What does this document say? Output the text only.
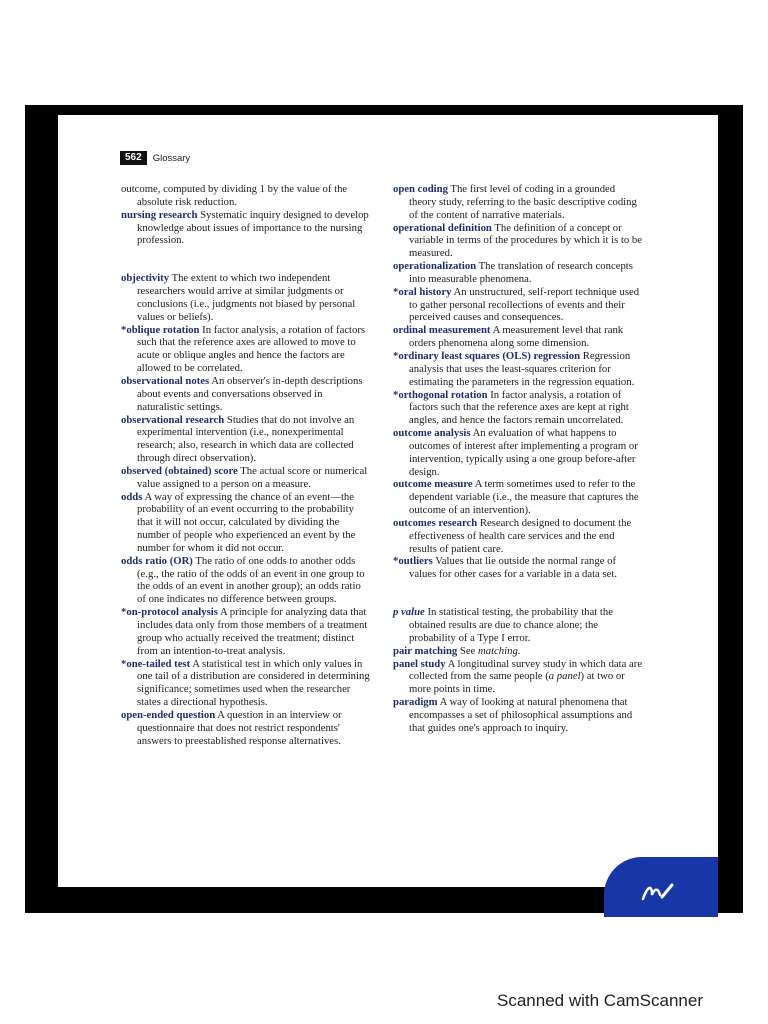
562	Glossary

outcome, computed by dividing 1 by the value of the absolute risk reduction.

nursing research Systematic inquiry designed to develop knowledge about issues of importance to the nursing profession.

objectivity The extent to which two independent researchers would arrive at similar judgments or conclusions (i.e., judgments not biased by personal values or beliefs).

*oblique rotation In factor analysis, a rotation of factors such that the reference axes are allowed to move to acute or oblique angles and hence the factors are allowed to be correlated.

observational notes An observer's in-depth descriptions about events and conversations observed in naturalistic settings.

observational research Studies that do not involve an experimental intervention (i.e., nonexperimental research; also, research in which data are collected through direct observation).

observed (obtained) score The actual score or numerical value assigned to a person on a measure.

odds A way of expressing the chance of an event—the probability of an event occurring to the probability that it will not occur, calculated by dividing the number of people who experienced an event by the number for whom it did not occur.

odds ratio (OR) The ratio of one odds to another odds (e.g., the ratio of the odds of an event in one group to the odds of an event in another group); an odds ratio of one indicates no difference between groups.

*on-protocol analysis A principle for analyzing data that includes data only from those members of a treatment group who actually received the treatment; distinct from an intention-to-treat analysis.

*one-tailed test A statistical test in which only values in one tail of a distribution are considered in determining significance; sometimes used when the researcher states a directional hypothesis.

open-ended question A question in an interview or questionnaire that does not restrict respondents' answers to preestablished response alternatives.

open coding The first level of coding in a grounded theory study, referring to the basic descriptive coding of the content of narrative materials.

operational definition The definition of a concept or variable in terms of the procedures by which it is to be measured.

operationalization The translation of research concepts into measurable phenomena.

*oral history An unstructured, self-report technique used to gather personal recollections of events and their perceived causes and consequences.

ordinal measurement A measurement level that rank orders phenomena along some dimension.

*ordinary least squares (OLS) regression Regression analysis that uses the least-squares criterion for estimating the parameters in the regression equation.

*orthogonal rotation In factor analysis, a rotation of factors such that the reference axes are kept at right angles, and hence the factors remain uncorrelated.

outcome analysis An evaluation of what happens to outcomes of interest after implementing a program or intervention, typically using a one group before-after design.

outcome measure A term sometimes used to refer to the dependent variable (i.e., the measure that captures the outcome of an intervention).

outcomes research Research designed to document the effectiveness of health care services and the end results of patient care.

*outliers Values that lie outside the normal range of values for other cases for a variable in a data set.

p value In statistical testing, the probability that the obtained results are due to chance alone; the probability of a Type I error.

pair matching See matching.

panel study A longitudinal survey study in which data are collected from the same people (a panel) at two or more points in time.

paradigm A way of looking at natural phenomena that encompasses a set of philosophical assumptions and that guides one's approach to inquiry.

Scanned with CamScanner
